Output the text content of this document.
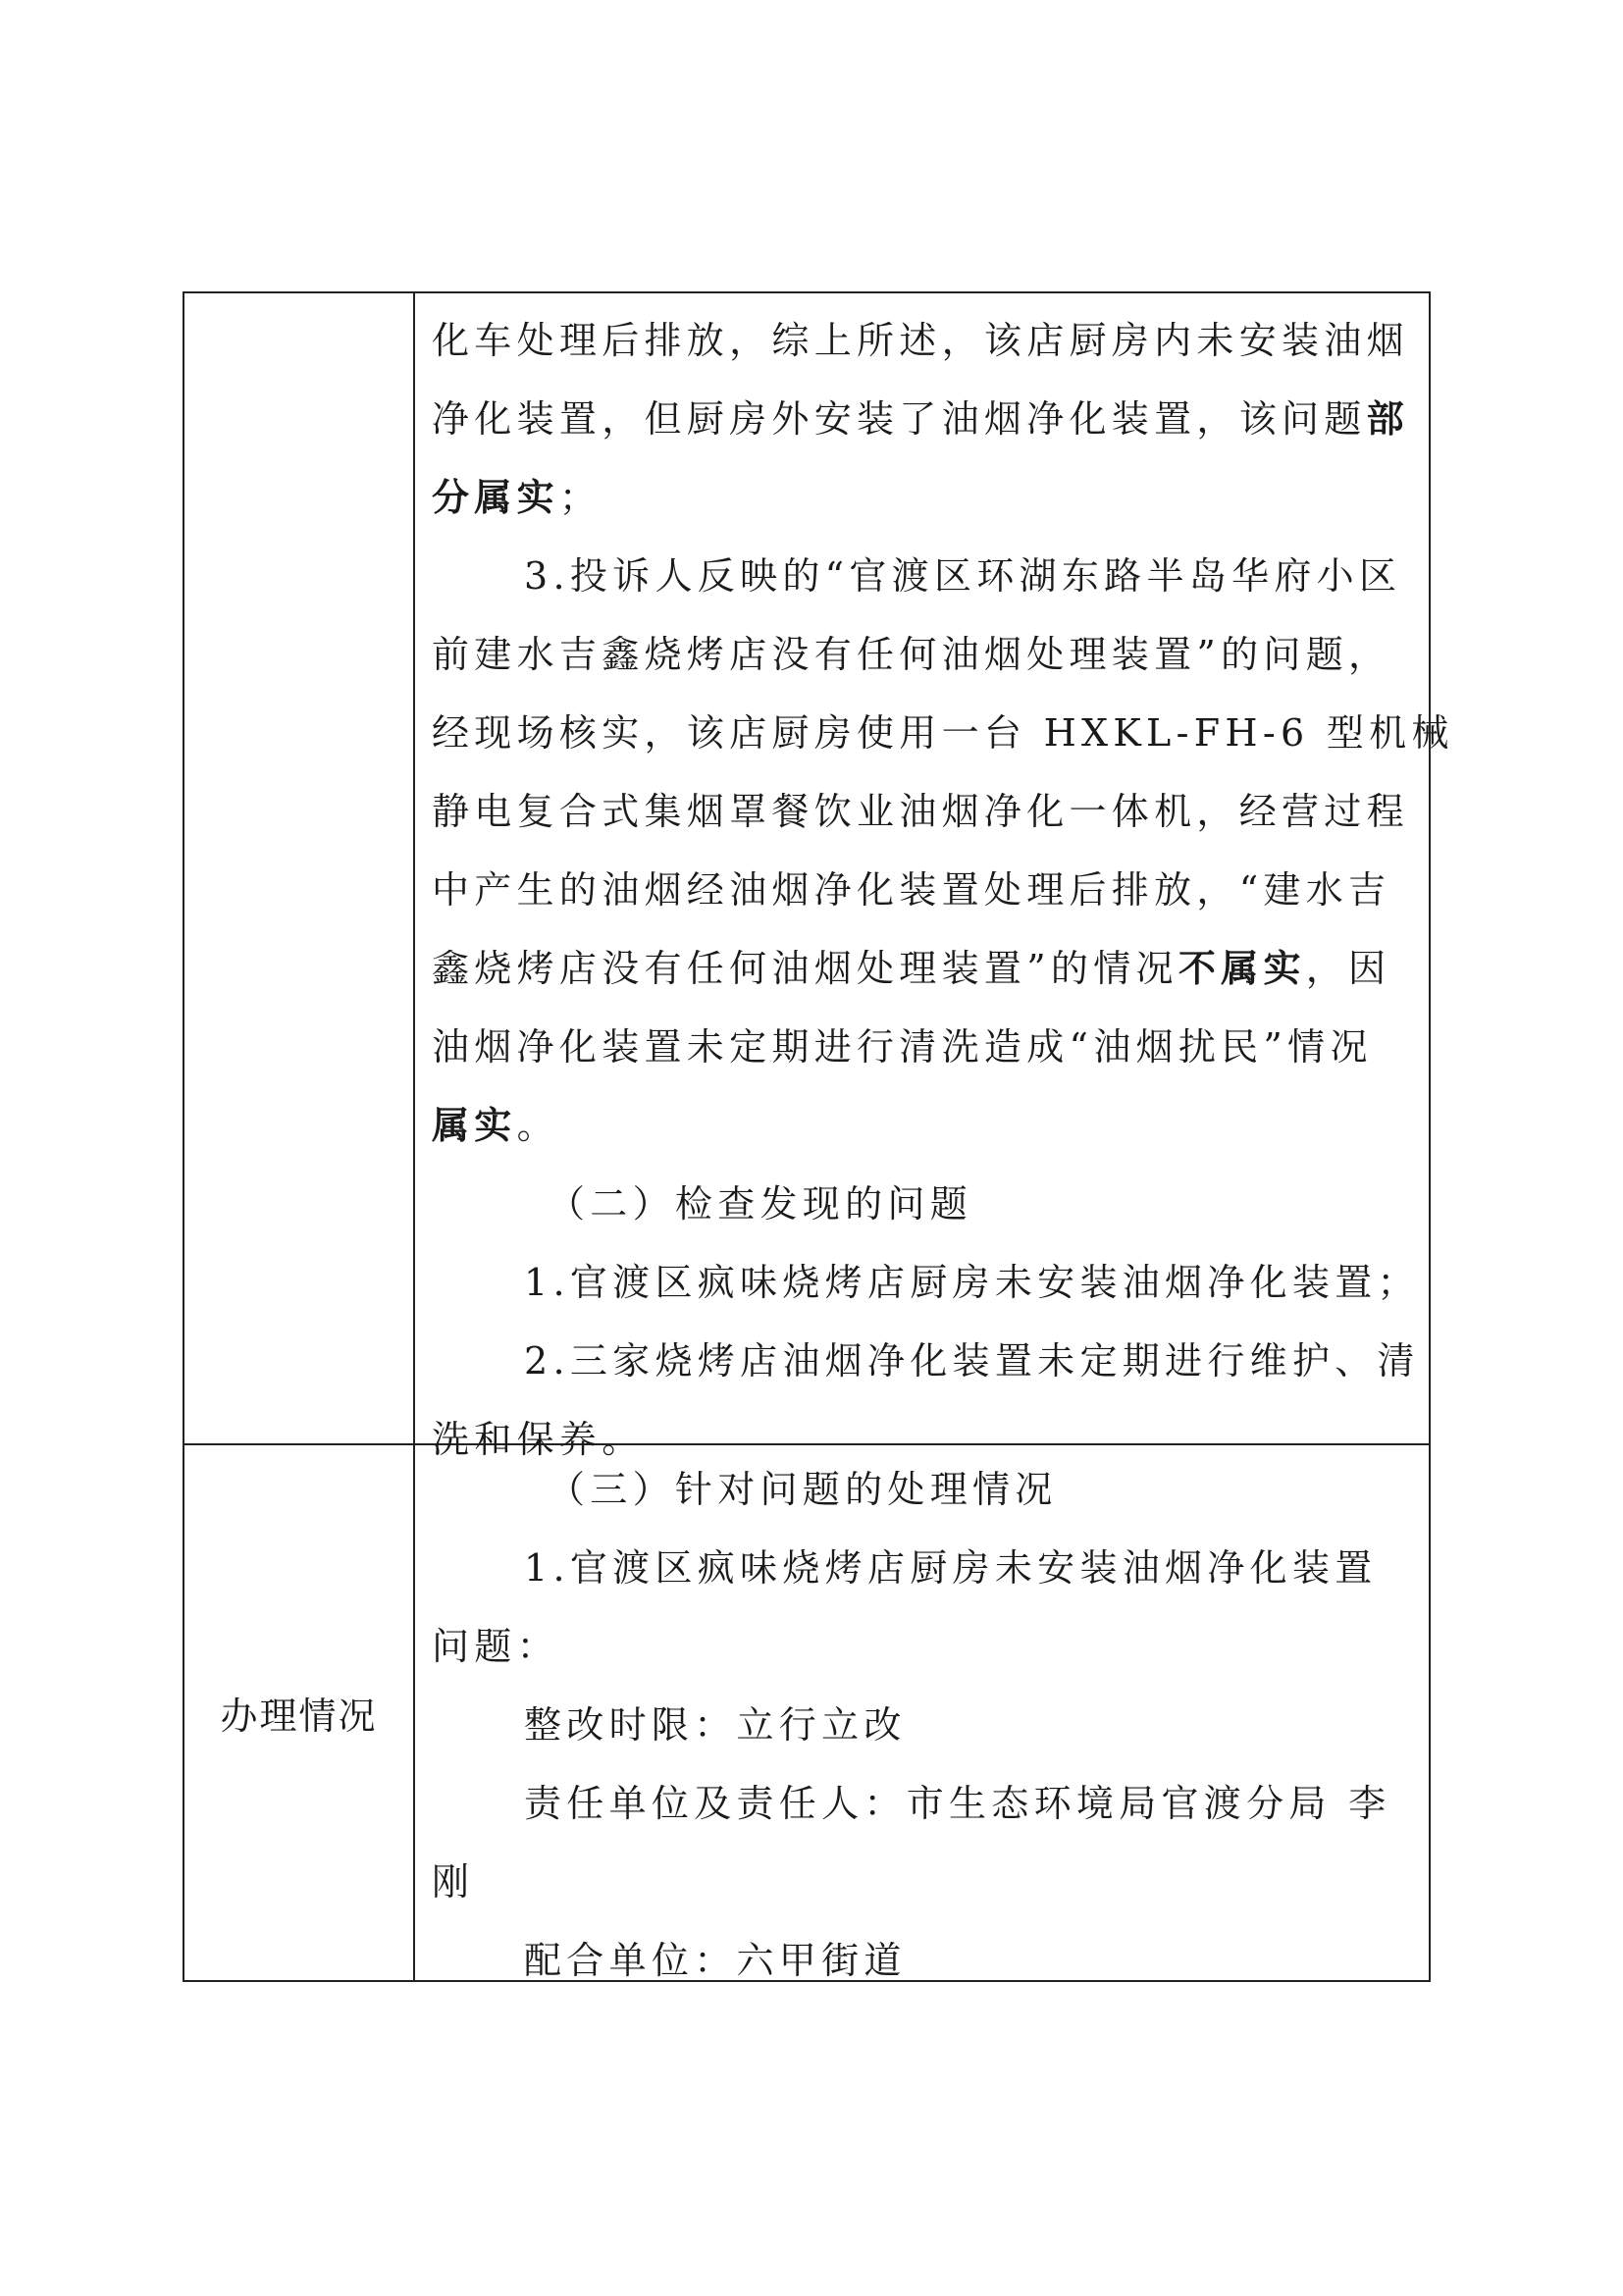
化车处理后排放，综上所述，该店厨房内未安装油烟
净化装置，但厨房外安装了油烟净化装置，该问题部
分属实；
3.投诉人反映的“官渡区环湖东路半岛华府小区
前建水吉鑫烧烤店没有任何油烟处理装置”的问题，
经现场核实，该店厨房使用一台 HXKL-FH-6 型机械
静电复合式集烟罩餐饮业油烟净化一体机，经营过程
中产生的油烟经油烟净化装置处理后排放，“建水吉
鑫烧烤店没有任何油烟处理装置”的情况不属实，因
油烟净化装置未定期进行清洗造成“油烟扰民”情况
属实。
（二）检查发现的问题
1.官渡区疯味烧烤店厨房未安装油烟净化装置；
2.三家烧烤店油烟净化装置未定期进行维护、清
洗和保养。
办理情况
（三）针对问题的处理情况
1.官渡区疯味烧烤店厨房未安装油烟净化装置
问题：
整改时限：立行立改
责任单位及责任人：市生态环境局官渡分局 李
刚
配合单位：六甲街道
